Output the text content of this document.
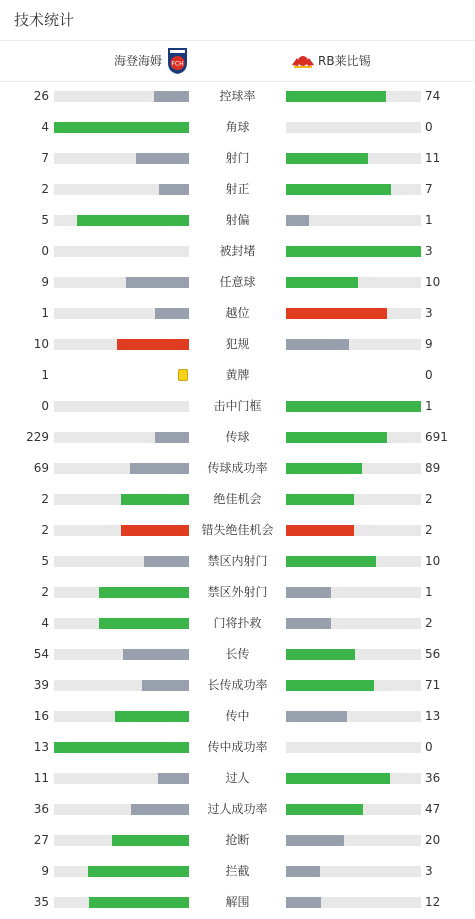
技术统计
海登海姆 FCH	RB莱比锡
26	控球率	74
4	角球	0
7	射门	11
2	射正	7
5	射偏	1
0	被封堵	3
9	任意球	10
1	越位	3
10	犯规	9
1	黄牌	0
0	击中门框	1
229	传球	691
69	传球成功率	89
2	绝佳机会	2
2	错失绝佳机会	2
5	禁区内射门	10
2	禁区外射门	1
4	门将扑救	2
54	长传	56
39	长传成功率	71
16	传中	13
13	传中成功率	0
11	过人	36
36	过人成功率	47
27	抢断	20
9	拦截	3
35	解围	12
